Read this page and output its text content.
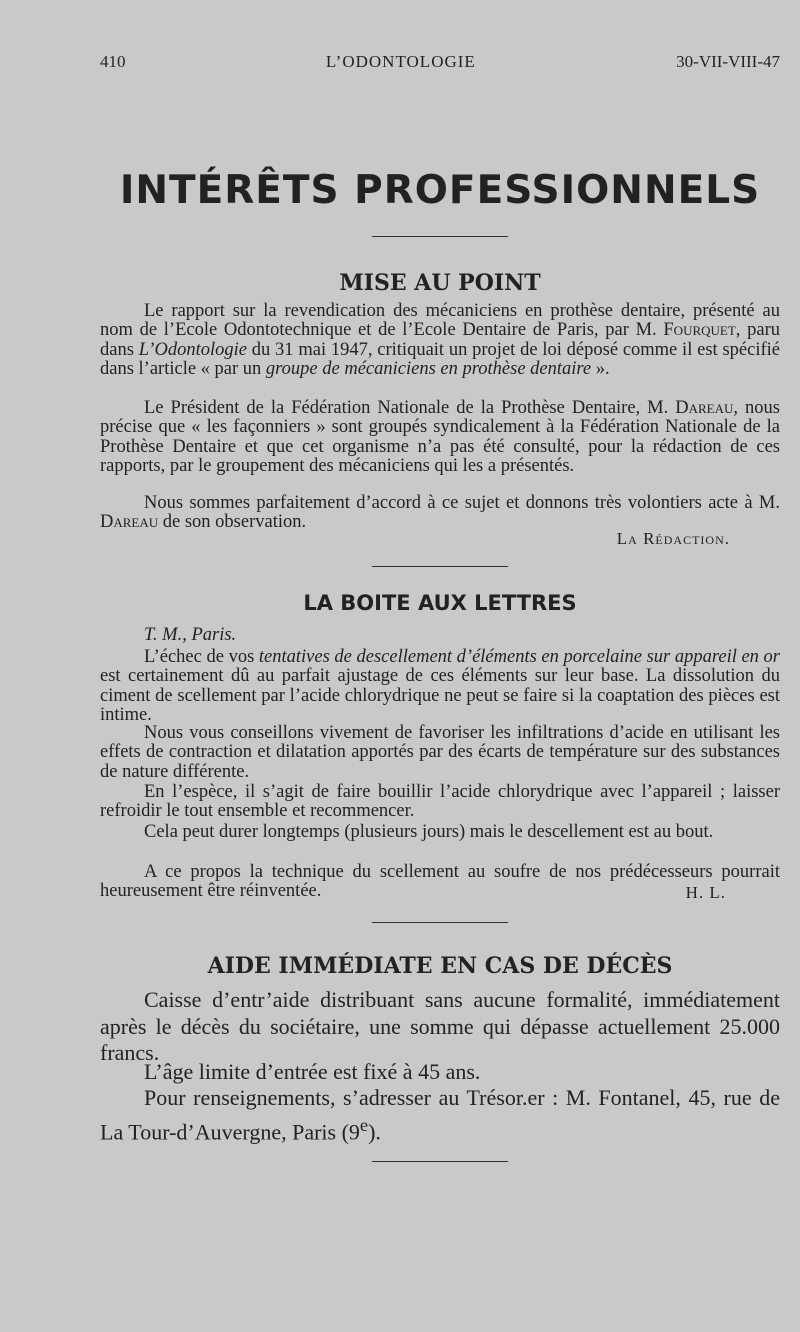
410	L’ODONTOLOGIE	30-VII-VIII-47
INTÉRÊTS PROFESSIONNELS
MISE AU POINT

Le rapport sur la revendication des mécaniciens en prothèse dentaire, présenté au nom de l’Ecole Odontotechnique et de l’Ecole Dentaire de Paris, par M. Fourquet, paru dans L’Odontologie du 31 mai 1947, critiquait un projet de loi déposé comme il est spécifié dans l’article « par un groupe de mécaniciens en prothèse dentaire ».

Le Président de la Fédération Nationale de la Prothèse Dentaire, M. Dareau, nous précise que « les façonniers » sont groupés syndicalement à la Fédération Nationale de la Prothèse Dentaire et que cet organisme n’a pas été consulté, pour la rédaction de ces rapports, par le groupement des mécaniciens qui les a présentés.

Nous sommes parfaitement d’accord à ce sujet et donnons très volontiers acte à M. Dareau de son observation.

La Rédaction.
LA BOITE AUX LETTRES

T. M., Paris.

L’échec de vos tentatives de descellement d’éléments en porcelaine sur appareil en or est certainement dû au parfait ajustage de ces éléments sur leur base. La dissolution du ciment de scellement par l’acide chlorydrique ne peut se faire si la coaptation des pièces est intime.

Nous vous conseillons vivement de favoriser les infiltrations d’acide en utilisant les effets de contraction et dilatation apportés par des écarts de température sur des substances de nature différente.

En l’espèce, il s’agit de faire bouillir l’acide chlorydrique avec l’appareil ; laisser refroidir le tout ensemble et recommencer.

Cela peut durer longtemps (plusieurs jours) mais le descellement est au bout.

A ce propos la technique du scellement au soufre de nos prédécesseurs pourrait heureusement être réinventée.	H. L.
AIDE IMMÉDIATE EN CAS DE DÉCÈS

Caisse d’entr’aide distribuant sans aucune formalité, immédiatement après le décès du sociétaire, une somme qui dépasse actuellement 25.000 francs.

L’âge limite d’entrée est fixé à 45 ans.

Pour renseignements, s’adresser au Trésor.er : M. Fontanel, 45, rue de La Tour-d’Auvergne, Paris (9e).
